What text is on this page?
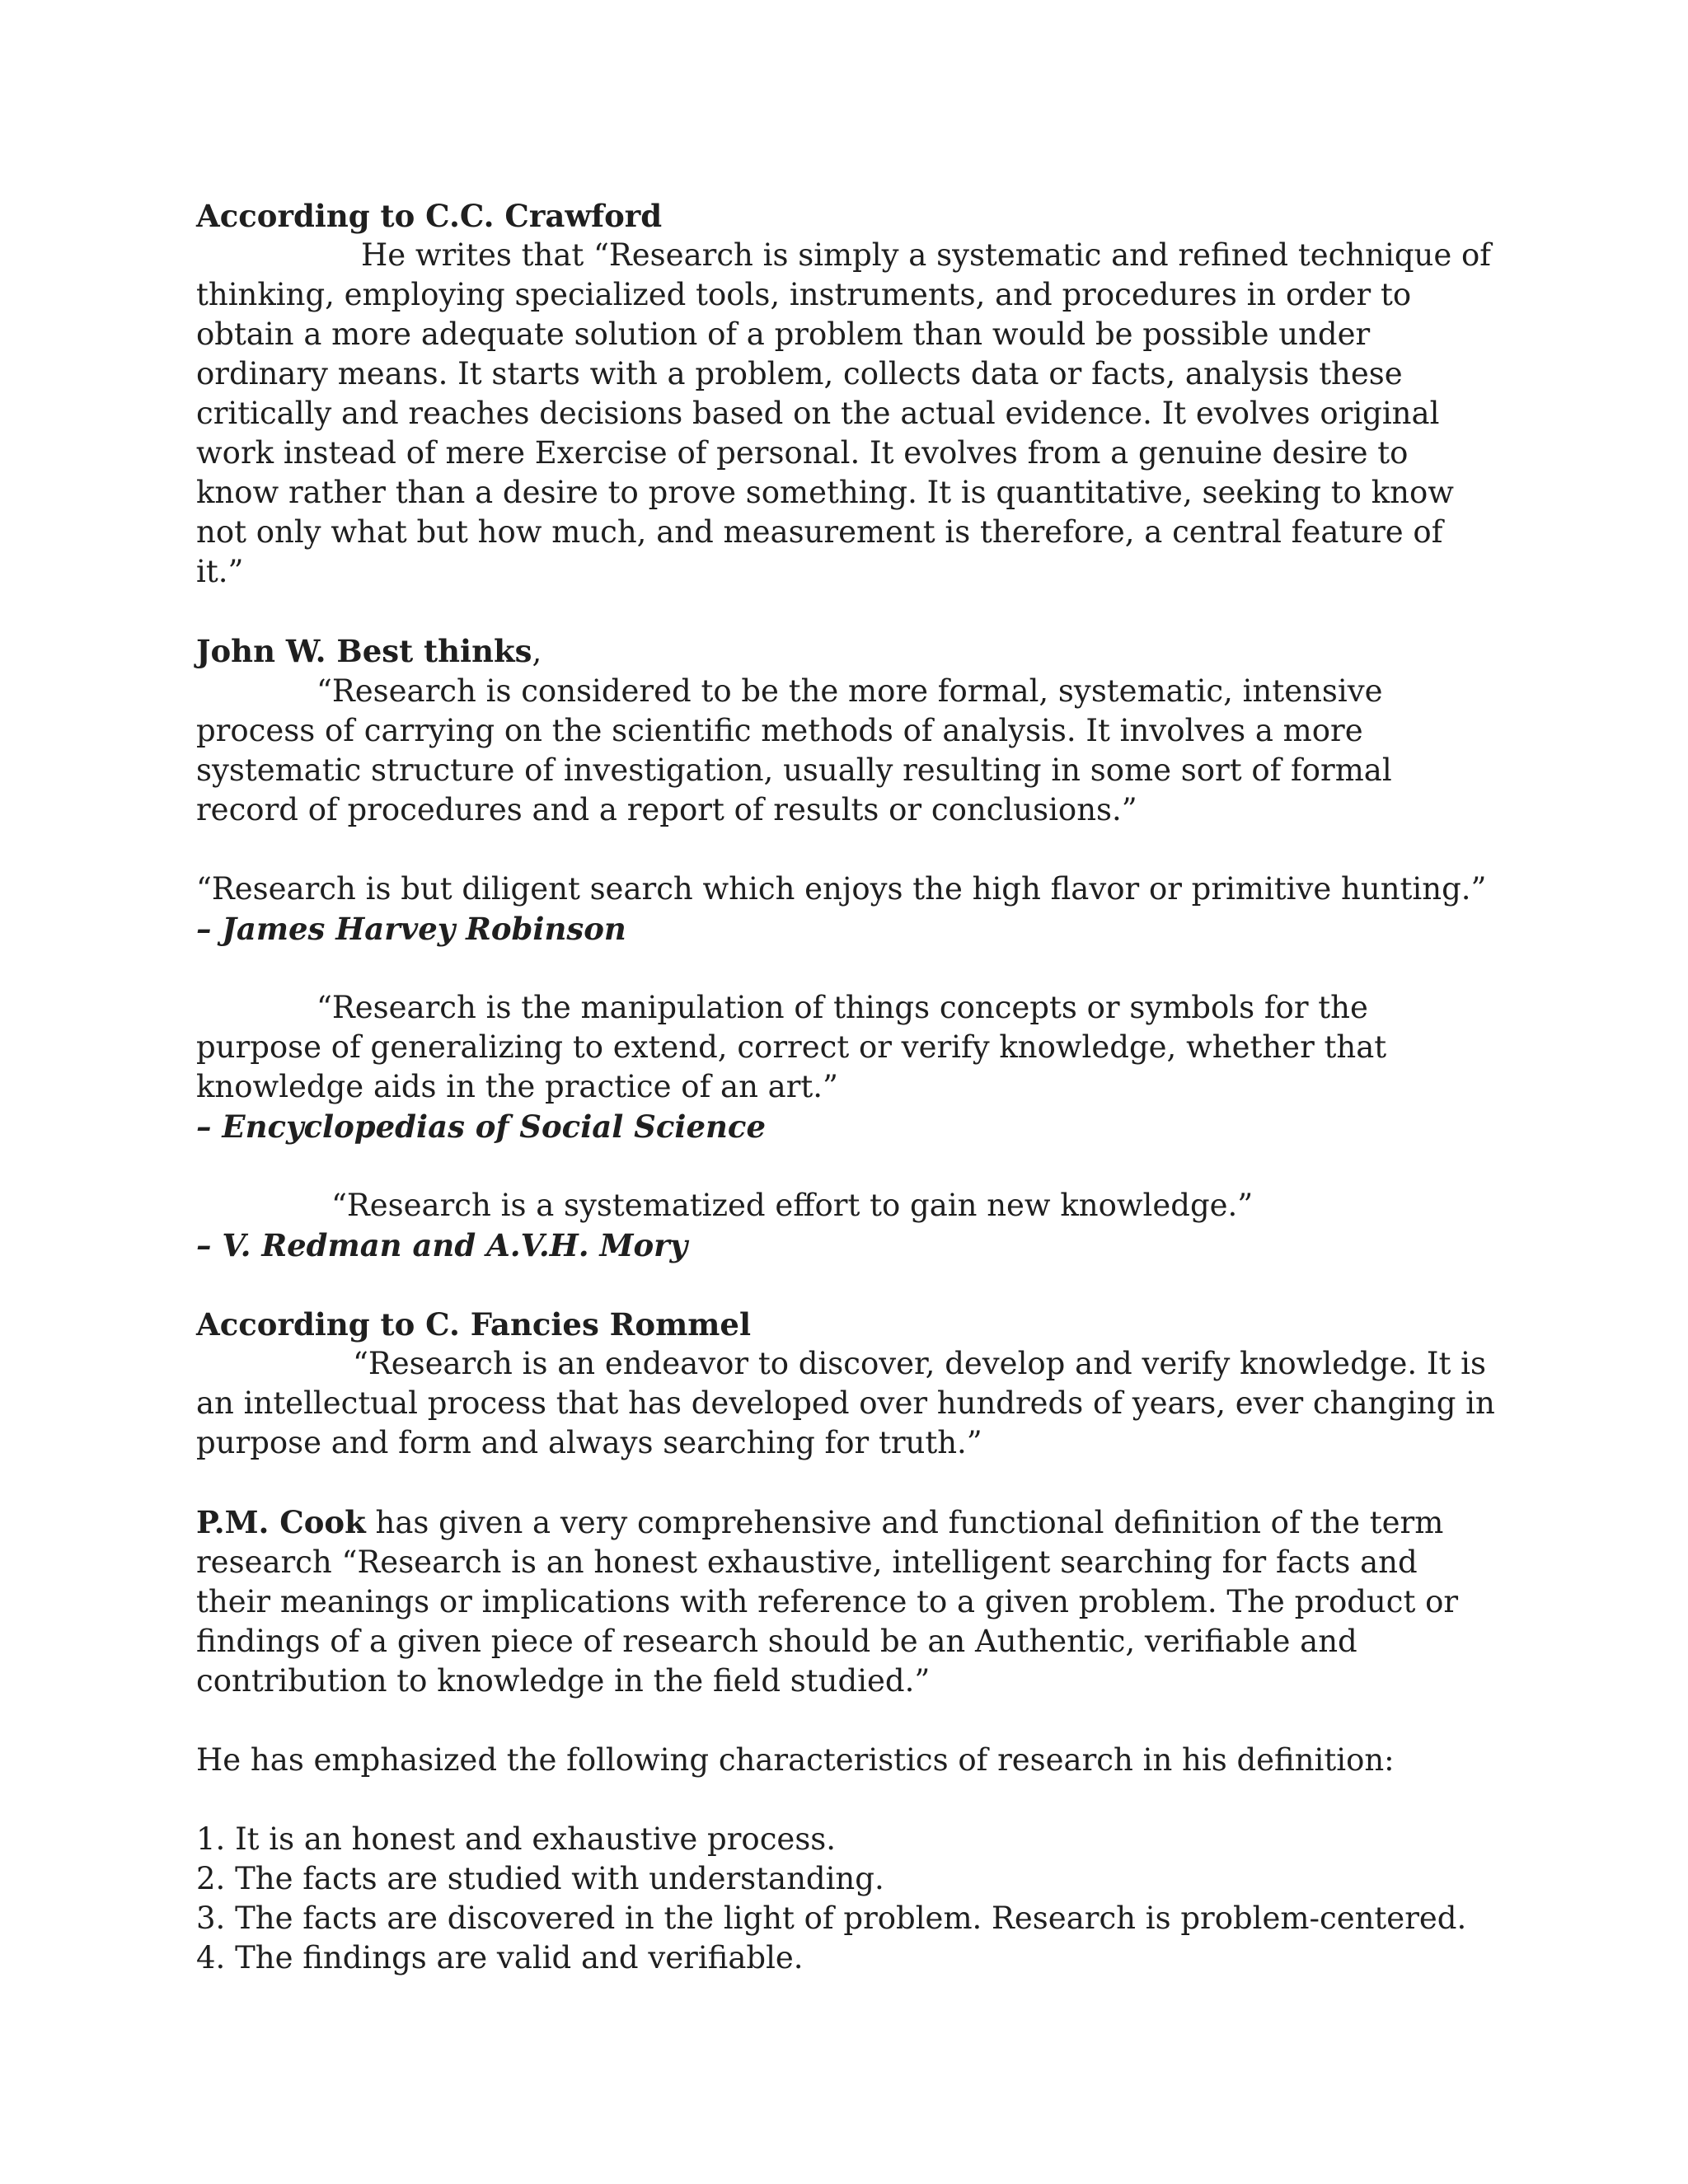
According to C.C. Crawford

He writes that “Research is simply a systematic and refined technique of thinking, employing specialized tools, instruments, and procedures in order to obtain a more adequate solution of a problem than would be possible under ordinary means. It starts with a problem, collects data or facts, analysis these critically and reaches decisions based on the actual evidence. It evolves original work instead of mere Exercise of personal. It evolves from a genuine desire to know rather than a desire to prove something. It is quantitative, seeking to know not only what but how much, and measurement is therefore, a central feature of it.”

John W. Best thinks,

“Research is considered to be the more formal, systematic, intensive process of carrying on the scientific methods of analysis. It involves a more systematic structure of investigation, usually resulting in some sort of formal record of procedures and a report of results or conclusions.”

“Research is but diligent search which enjoys the high flavor or primitive hunting.”

– James Harvey Robinson

“Research is the manipulation of things concepts or symbols for the purpose of generalizing to extend, correct or verify knowledge, whether that knowledge aids in the practice of an art.”

– Encyclopedias of Social Science

“Research is a systematized effort to gain new knowledge.”

– V. Redman and A.V.H. Mory

According to C. Fancies Rommel

“Research is an endeavor to discover, develop and verify knowledge. It is an intellectual process that has developed over hundreds of years, ever changing in purpose and form and always searching for truth.”

P.M. Cook has given a very comprehensive and functional definition of the term research “Research is an honest exhaustive, intelligent searching for facts and their meanings or implications with reference to a given problem. The product or findings of a given piece of research should be an Authentic, verifiable and contribution to knowledge in the field studied.”

He has emphasized the following characteristics of research in his definition:

1. It is an honest and exhaustive process.

2. The facts are studied with understanding.

3. The facts are discovered in the light of problem. Research is problem-centered.

4. The findings are valid and verifiable.
